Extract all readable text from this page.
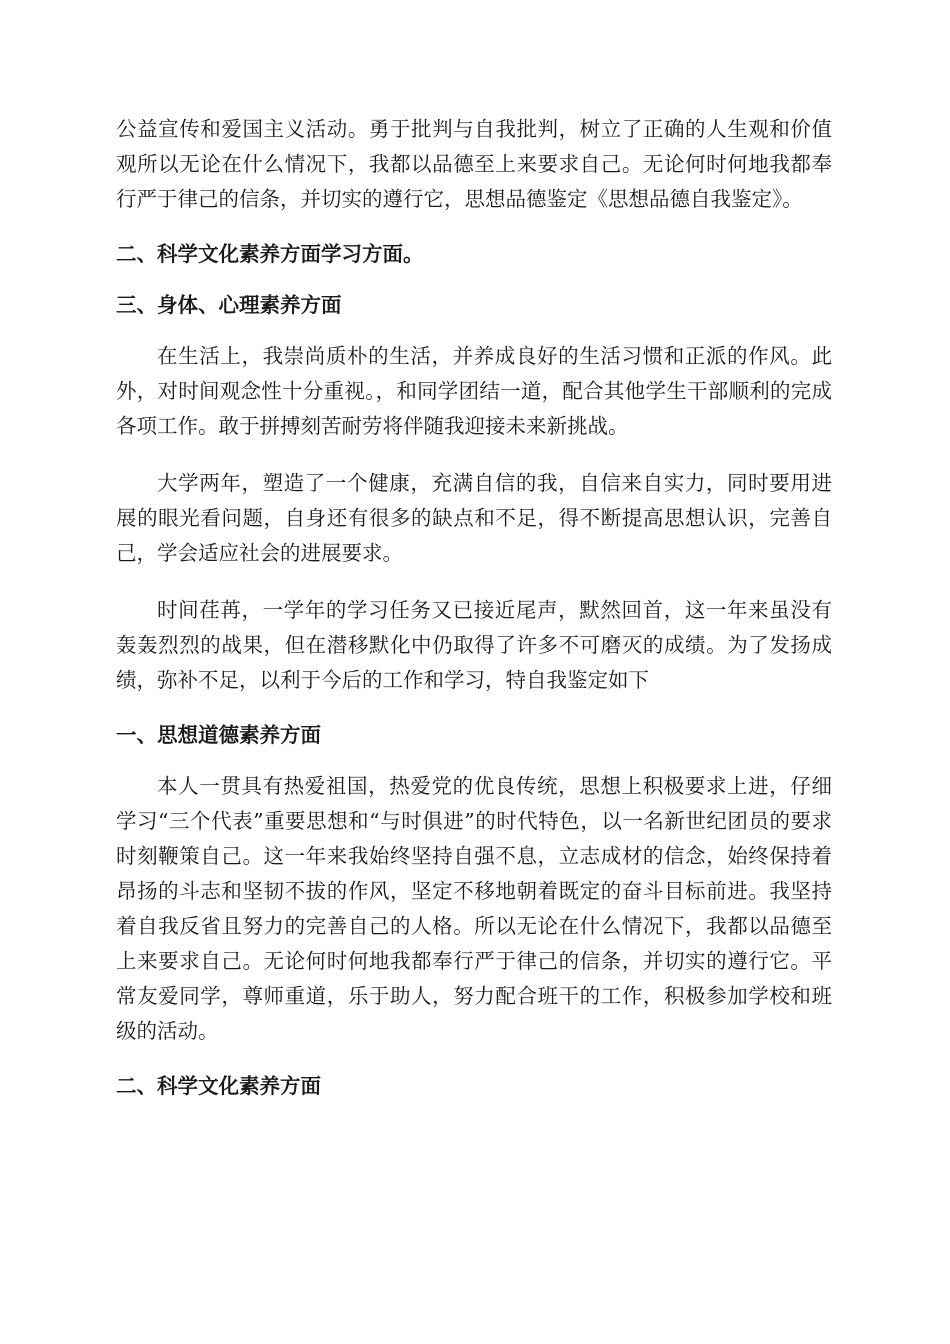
公益宣传和爱国主义活动。勇于批判与自我批判，树立了正确的人生观和价值观所以无论在什么情况下，我都以品德至上来要求自己。无论何时何地我都奉行严于律己的信条，并切实的遵行它，思想品德鉴定《思想品德自我鉴定》。

二、科学文化素养方面学习方面。

三、身体、心理素养方面

在生活上，我崇尚质朴的生活，并养成良好的生活习惯和正派的作风。此外，对时间观念性十分重视。，和同学团结一道，配合其他学生干部顺利的完成各项工作。敢于拼搏刻苦耐劳将伴随我迎接未来新挑战。

大学两年，塑造了一个健康，充满自信的我，自信来自实力，同时要用进展的眼光看问题，自身还有很多的缺点和不足，得不断提高思想认识，完善自己，学会适应社会的进展要求。

时间荏苒，一学年的学习任务又已接近尾声，默然回首，这一年来虽没有轰轰烈烈的战果，但在潜移默化中仍取得了许多不可磨灭的成绩。为了发扬成绩，弥补不足，以利于今后的工作和学习，特自我鉴定如下

一、思想道德素养方面

本人一贯具有热爱祖国，热爱党的优良传统，思想上积极要求上进，仔细学习“三个代表”重要思想和“与时俱进”的时代特色，以一名新世纪团员的要求时刻鞭策自己。这一年来我始终坚持自强不息，立志成材的信念，始终保持着昂扬的斗志和坚韧不拔的作风，坚定不移地朝着既定的奋斗目标前进。我坚持着自我反省且努力的完善自己的人格。所以无论在什么情况下，我都以品德至上来要求自己。无论何时何地我都奉行严于律己的信条，并切实的遵行它。平常友爱同学，尊师重道，乐于助人，努力配合班干的工作，积极参加学校和班级的活动。

二、科学文化素养方面
